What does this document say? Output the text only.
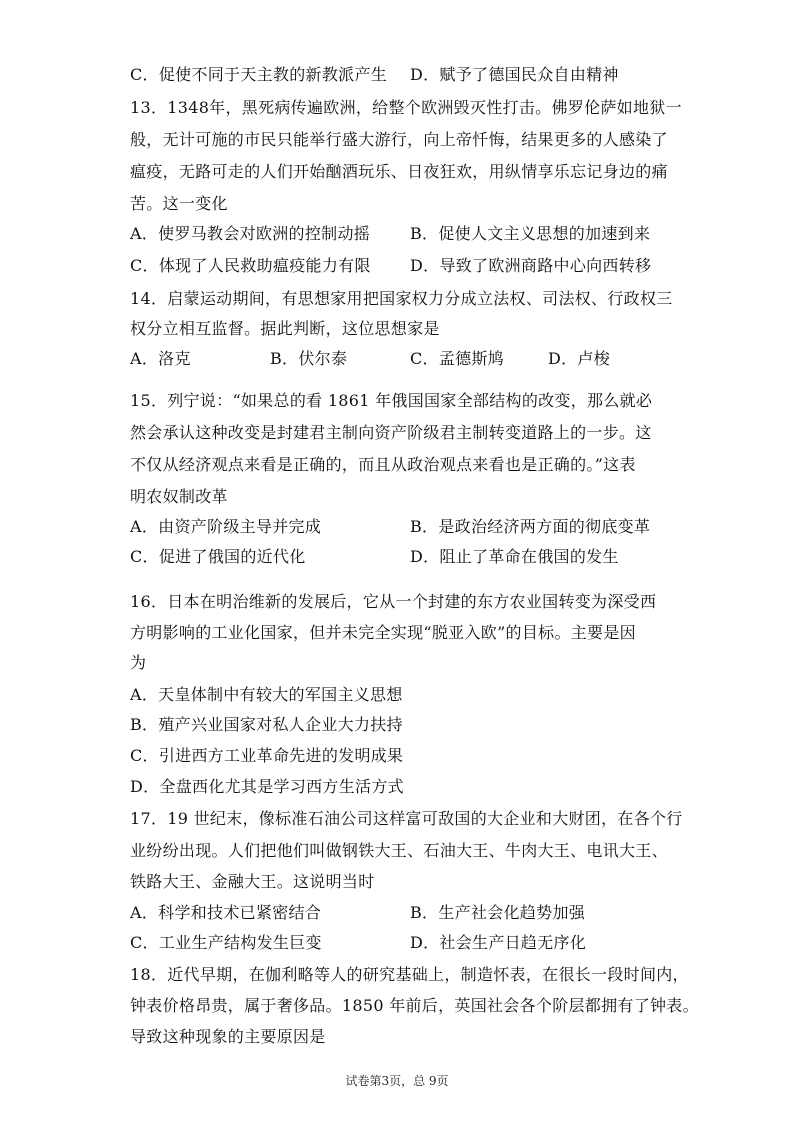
C．促使不同于天主教的新教派产生 D．赋予了德国民众自由精神
13．1348年，黑死病传遍欧洲，给整个欧洲毁灭性打击。佛罗伦萨如地狱一
般，无计可施的市民只能举行盛大游行，向上帝忏悔，结果更多的人感染了
瘟疫，无路可走的人们开始酗酒玩乐、日夜狂欢，用纵情享乐忘记身边的痛
苦。这一变化
A．使罗马教会对欧洲的控制动摇 B．促使人文主义思想的加速到来
C．体现了人民救助瘟疫能力有限 D．导致了欧洲商路中心向西转移
14．启蒙运动期间，有思想家用把国家权力分成立法权、司法权、行政权三
权分立相互监督。据此判断，这位思想家是
A．洛克	B．伏尔泰	C．孟德斯鸠	D．卢梭
15．列宁说：“如果总的看 1861 年俄国国家全部结构的改变，那么就必
然会承认这种改变是封建君主制向资产阶级君主制转变道路上的一步。这
不仅从经济观点来看是正确的，而且从政治观点来看也是正确的。”这表
明农奴制改革
A．由资产阶级主导并完成	B．是政治经济两方面的彻底变革
C．促进了俄国的近代化	D．阻止了革命在俄国的发生
16．日本在明治维新的发展后，它从一个封建的东方农业国转变为深受西
方明影响的工业化国家，但并未完全实现“脱亚入欧”的目标。主要是因
为
A．天皇体制中有较大的军国主义思想
B．殖产兴业国家对私人企业大力扶持
C．引进西方工业革命先进的发明成果
D．全盘西化尤其是学习西方生活方式
17．19 世纪末，像标准石油公司这样富可敌国的大企业和大财团，在各个行
业纷纷出现。人们把他们叫做钢铁大王、石油大王、牛肉大王、电讯大王、
铁路大王、金融大王。这说明当时
A．科学和技术已紧密结合	B．生产社会化趋势加强
C．工业生产结构发生巨变	D．社会生产日趋无序化
18．近代早期，在伽利略等人的研究基础上，制造怀表，在很长一段时间内，
钟表价格昂贵，属于奢侈品。1850 年前后，英国社会各个阶层都拥有了钟表。
导致这种现象的主要原因是
试卷第3页，总 9页
